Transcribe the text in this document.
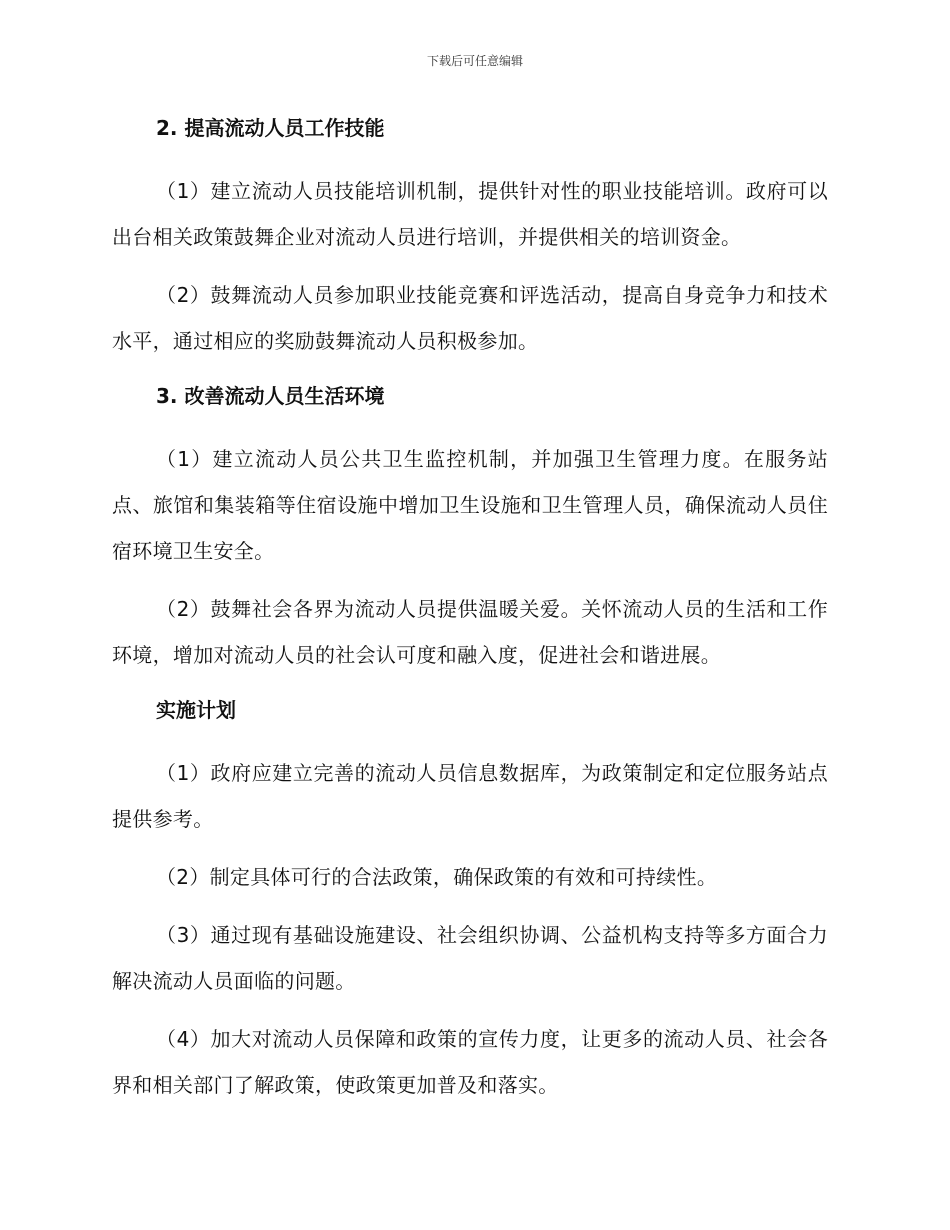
下载后可任意编辑

2. 提高流动人员工作技能

（1）建立流动人员技能培训机制，提供针对性的职业技能培训。政府可以出台相关政策鼓舞企业对流动人员进行培训，并提供相关的培训资金。

（2）鼓舞流动人员参加职业技能竞赛和评选活动，提高自身竞争力和技术水平，通过相应的奖励鼓舞流动人员积极参加。

3. 改善流动人员生活环境

（1）建立流动人员公共卫生监控机制，并加强卫生管理力度。在服务站点、旅馆和集装箱等住宿设施中增加卫生设施和卫生管理人员，确保流动人员住宿环境卫生安全。

（2）鼓舞社会各界为流动人员提供温暖关爱。关怀流动人员的生活和工作环境，增加对流动人员的社会认可度和融入度，促进社会和谐进展。

实施计划

（1）政府应建立完善的流动人员信息数据库，为政策制定和定位服务站点提供参考。

（2）制定具体可行的合法政策，确保政策的有效和可持续性。

（3）通过现有基础设施建设、社会组织协调、公益机构支持等多方面合力解决流动人员面临的问题。

（4）加大对流动人员保障和政策的宣传力度，让更多的流动人员、社会各界和相关部门了解政策，使政策更加普及和落实。
